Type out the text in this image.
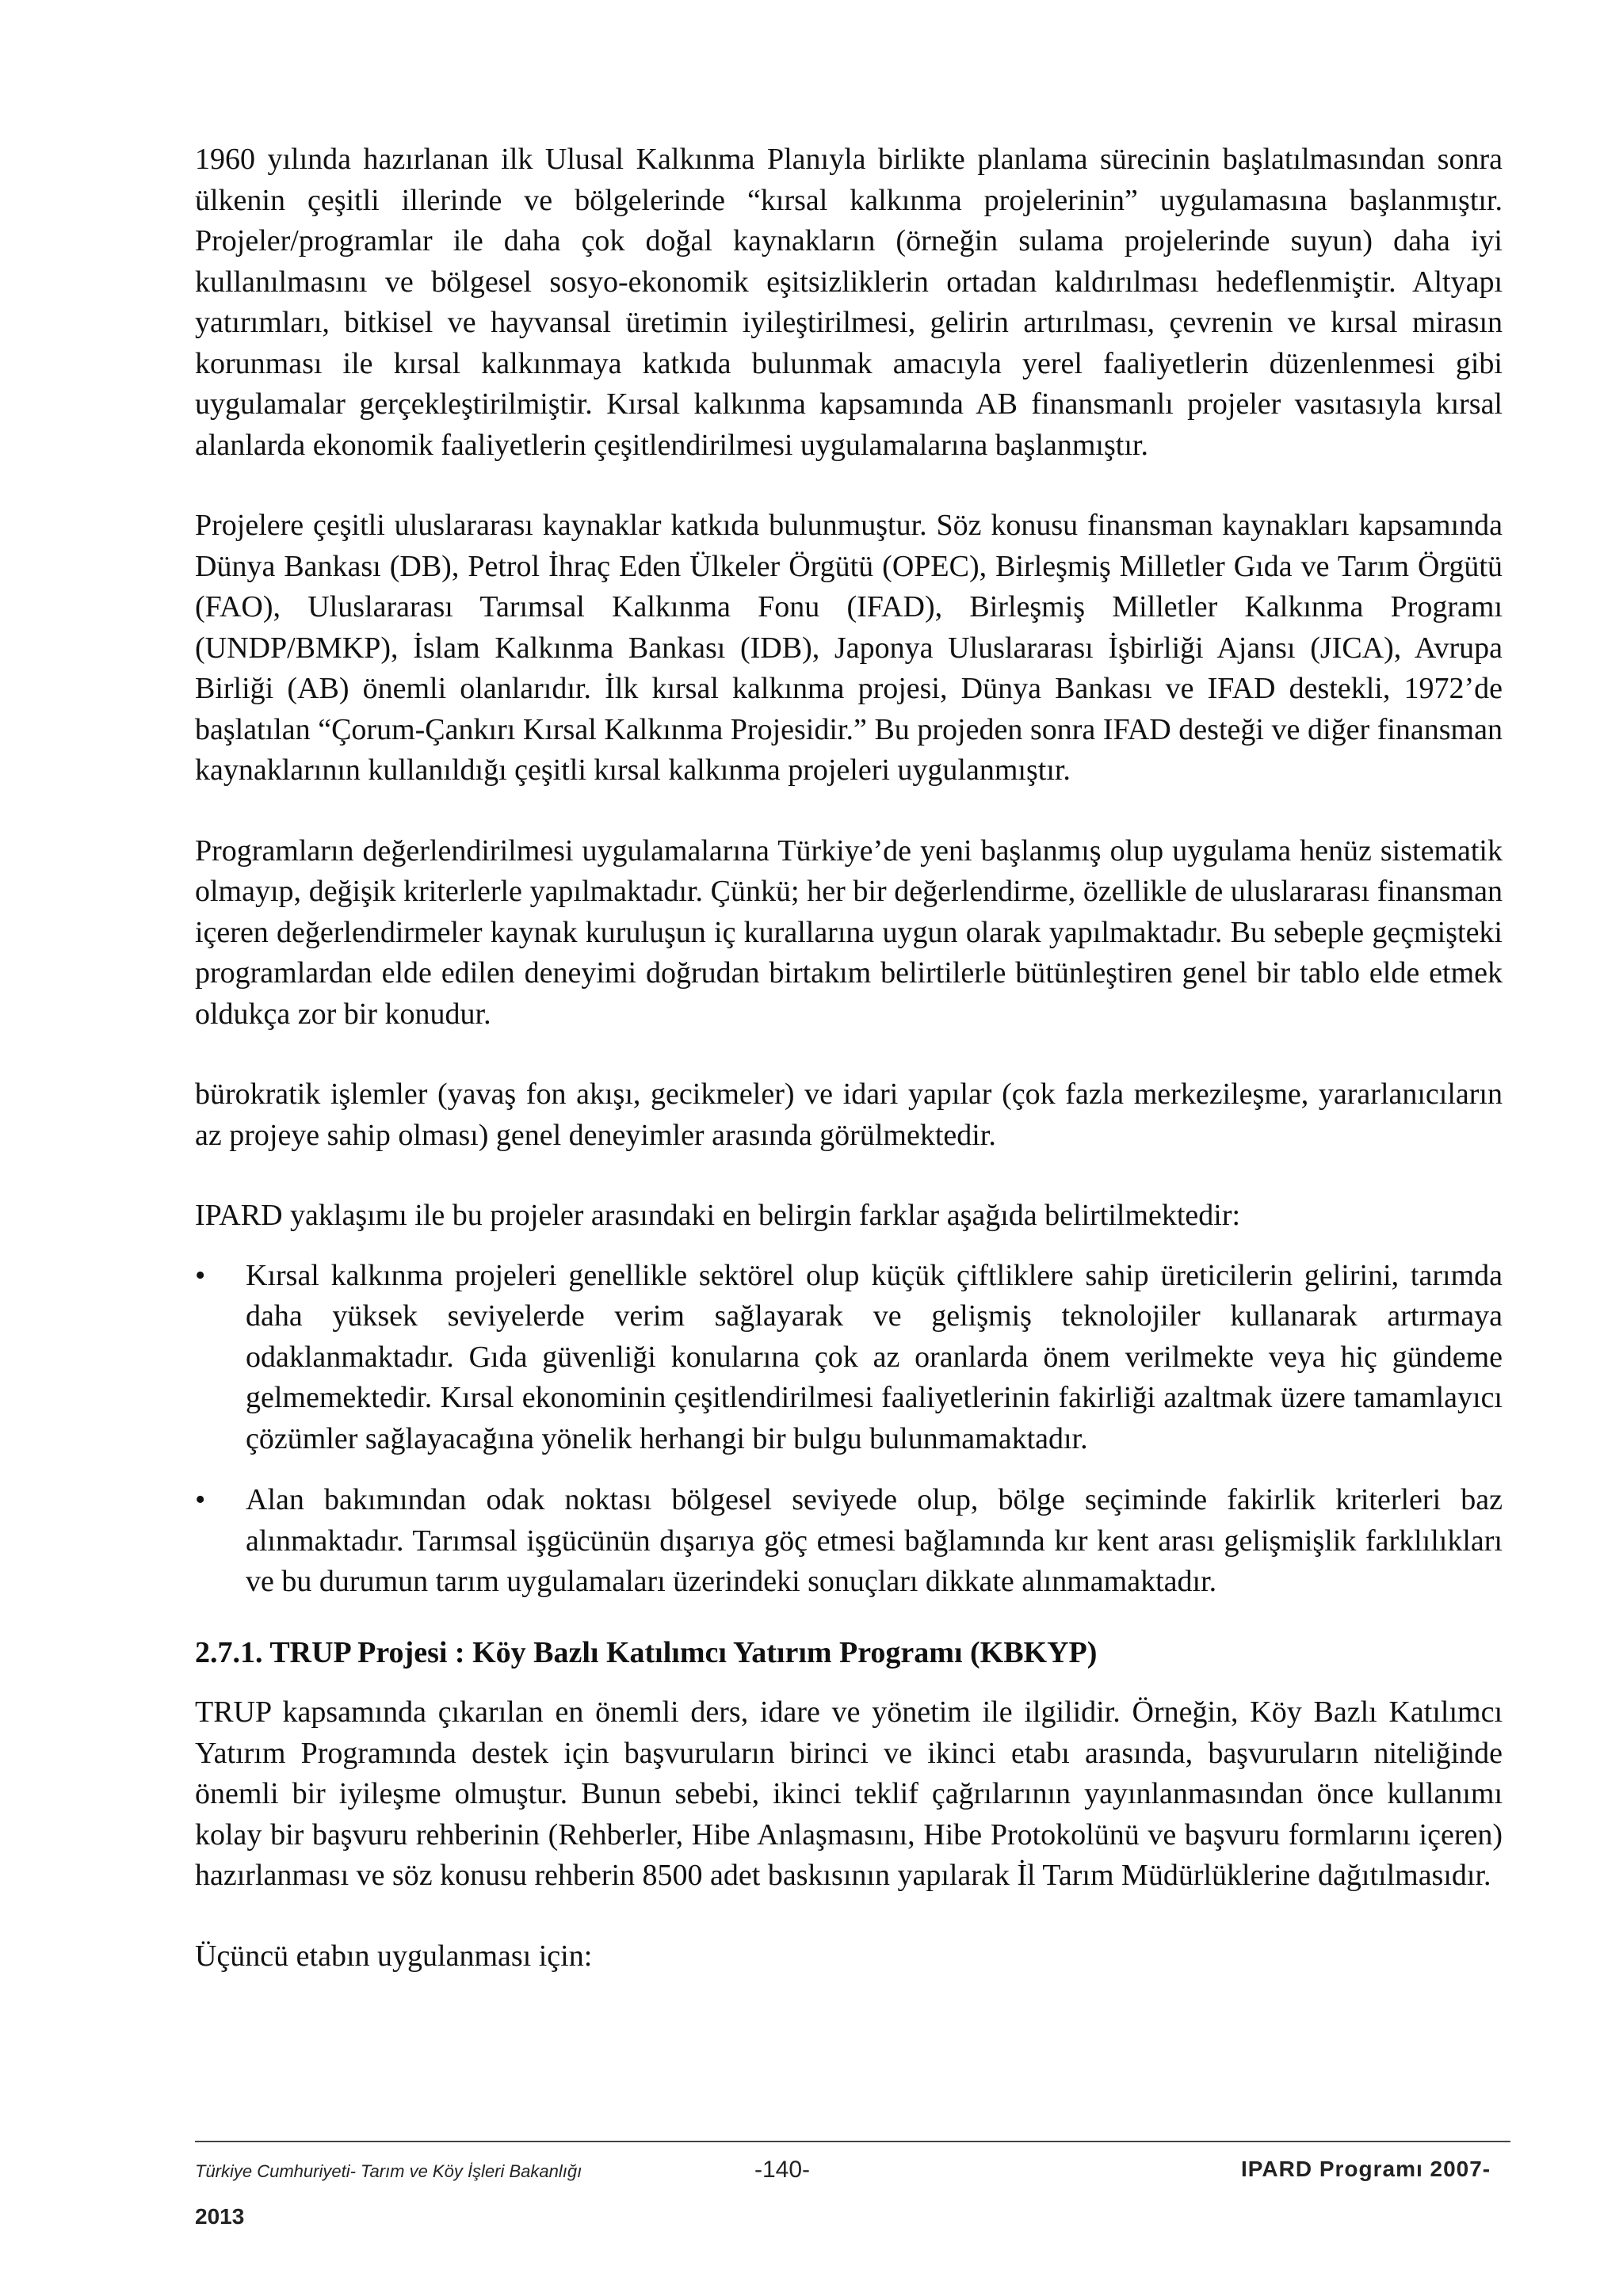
1960 yılında hazırlanan ilk Ulusal Kalkınma Planıyla birlikte planlama sürecinin başlatılmasından sonra ülkenin çeşitli illerinde ve bölgelerinde “kırsal kalkınma projelerinin” uygulamasına başlanmıştır. Projeler/programlar ile daha çok doğal kaynakların (örneğin sulama projelerinde suyun) daha iyi kullanılmasını ve bölgesel sosyo-ekonomik eşitsizliklerin ortadan kaldırılması hedeflenmiştir. Altyapı yatırımları, bitkisel ve hayvansal üretimin iyileştirilmesi, gelirin artırılması, çevrenin ve kırsal mirasın korunması ile kırsal kalkınmaya katkıda bulunmak amacıyla yerel faaliyetlerin düzenlenmesi gibi uygulamalar gerçekleştirilmiştir. Kırsal kalkınma kapsamında AB finansmanlı projeler vasıtasıyla kırsal alanlarda ekonomik faaliyetlerin çeşitlendirilmesi uygulamalarına başlanmıştır.

Projelere çeşitli uluslararası kaynaklar katkıda bulunmuştur. Söz konusu finansman kaynakları kapsamında Dünya Bankası (DB), Petrol İhraç Eden Ülkeler Örgütü (OPEC), Birleşmiş Milletler Gıda ve Tarım Örgütü (FAO), Uluslararası Tarımsal Kalkınma Fonu (IFAD), Birleşmiş Milletler Kalkınma Programı (UNDP/BMKP), İslam Kalkınma Bankası (IDB), Japonya Uluslararası İşbirliği Ajansı (JICA), Avrupa Birliği (AB) önemli olanlarıdır. İlk kırsal kalkınma projesi, Dünya Bankası ve IFAD destekli, 1972’de başlatılan “Çorum-Çankırı Kırsal Kalkınma Projesidir.” Bu projeden sonra IFAD desteği ve diğer finansman kaynaklarının kullanıldığı çeşitli kırsal kalkınma projeleri uygulanmıştır.

Programların değerlendirilmesi uygulamalarına Türkiye’de yeni başlanmış olup uygulama henüz sistematik olmayıp, değişik kriterlerle yapılmaktadır. Çünkü; her bir değerlendirme, özellikle de uluslararası finansman içeren değerlendirmeler kaynak kuruluşun iç kurallarına uygun olarak yapılmaktadır. Bu sebeple geçmişteki programlardan elde edilen deneyimi doğrudan birtakım belirtilerle bütünleştiren genel bir tablo elde etmek oldukça zor bir konudur.

bürokratik işlemler (yavaş fon akışı, gecikmeler) ve idari yapılar (çok fazla merkezileşme, yararlanıcıların az projeye sahip olması) genel deneyimler arasında görülmektedir.

IPARD yaklaşımı ile bu projeler arasındaki en belirgin farklar aşağıda belirtilmektedir:

•	Kırsal kalkınma projeleri genellikle sektörel olup küçük çiftliklere sahip üreticilerin gelirini, tarımda daha yüksek seviyelerde verim sağlayarak ve gelişmiş teknolojiler kullanarak artırmaya odaklanmaktadır. Gıda güvenliği konularına çok az oranlarda önem verilmekte veya hiç gündeme gelmemektedir. Kırsal ekonominin çeşitlendirilmesi faaliyetlerinin fakirliği azaltmak üzere tamamlayıcı çözümler sağlayacağına yönelik herhangi bir bulgu bulunmamaktadır.
•	Alan bakımından odak noktası bölgesel seviyede olup, bölge seçiminde fakirlik kriterleri baz alınmaktadır. Tarımsal işgücünün dışarıya göç etmesi bağlamında kır kent arası gelişmişlik farklılıkları ve bu durumun tarım uygulamaları üzerindeki sonuçları dikkate alınmamaktadır.
2.7.1. TRUP Projesi : Köy Bazlı Katılımcı Yatırım Programı (KBKYP)

TRUP kapsamında çıkarılan en önemli ders, idare ve yönetim ile ilgilidir. Örneğin, Köy Bazlı Katılımcı Yatırım Programında destek için başvuruların birinci ve ikinci etabı arasında, başvuruların niteliğinde önemli bir iyileşme olmuştur. Bunun sebebi, ikinci teklif çağrılarının yayınlanmasından önce kullanımı kolay bir başvuru rehberinin (Rehberler, Hibe Anlaşmasını, Hibe Protokolünü ve başvuru formlarını içeren) hazırlanması ve söz konusu rehberin 8500 adet baskısının yapılarak İl Tarım Müdürlüklerine dağıtılmasıdır.

Üçüncü etabın uygulanması için:

Türkiye Cumhuriyeti- Tarım ve Köy İşleri Bakanlığı	-140-	IPARD Programı 2007-
2013
